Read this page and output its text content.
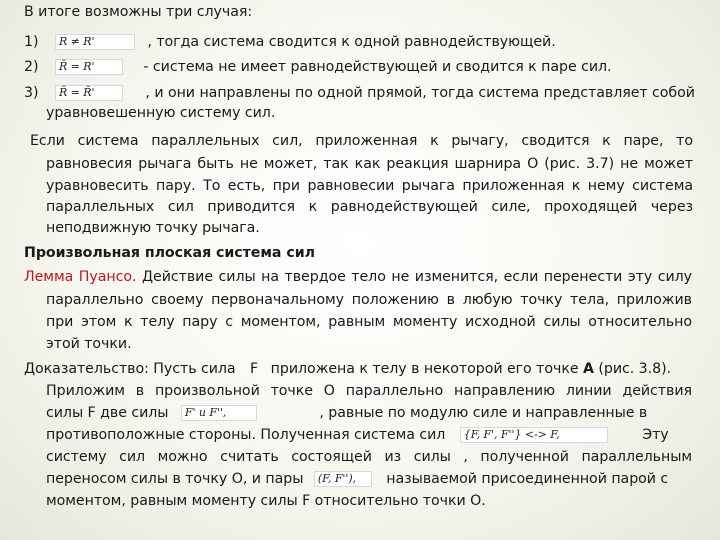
В итоге возможны три случая:
1) R ≠ R'	, тогда система сводится к одной равнодействующей.
2) R̄ = R'	- система не имеет равнодействующей и сводится к паре сил.
3) R̄ = R̄'	, и они направлены по одной прямой, тогда система представляет собой
уравновешенную систему сил.
Если система параллельных сил, приложенная к рычагу, сводится к паре, то
равновесия рычага быть не может, так как реакция шарнира О (рис. 3.7) не может
уравновесить пару. То есть, при равновесии рычага приложенная к нему система
параллельных сил приводится к равнодействующей силе, проходящей через
неподвижную точку рычага.
Произвольная плоская система сил
Лемма Пуансо. Действие силы на твердое тело не изменится, если перенести эту силу
параллельно своему первоначальному положению в любую точку тела, приложив
при этом к телу пару с моментом, равным моменту исходной силы относительно
этой точки.
Доказательство: Пусть сила F приложена к телу в некоторой его точке A (рис. 3.8).
Приложим в произвольной точке О параллельно направлению линии действия
силы F две силы F' и F'',	, равные по модулю силе и направленные в
противоположные стороны. Полученная система сил {F, F', F''} <-> F,	Эту
систему сил можно считать состоящей из силы , полученной параллельным
переносом силы в точку О, и пары (F, F''), называемой присоединенной парой с
моментом, равным моменту силы F относительно точки О.
